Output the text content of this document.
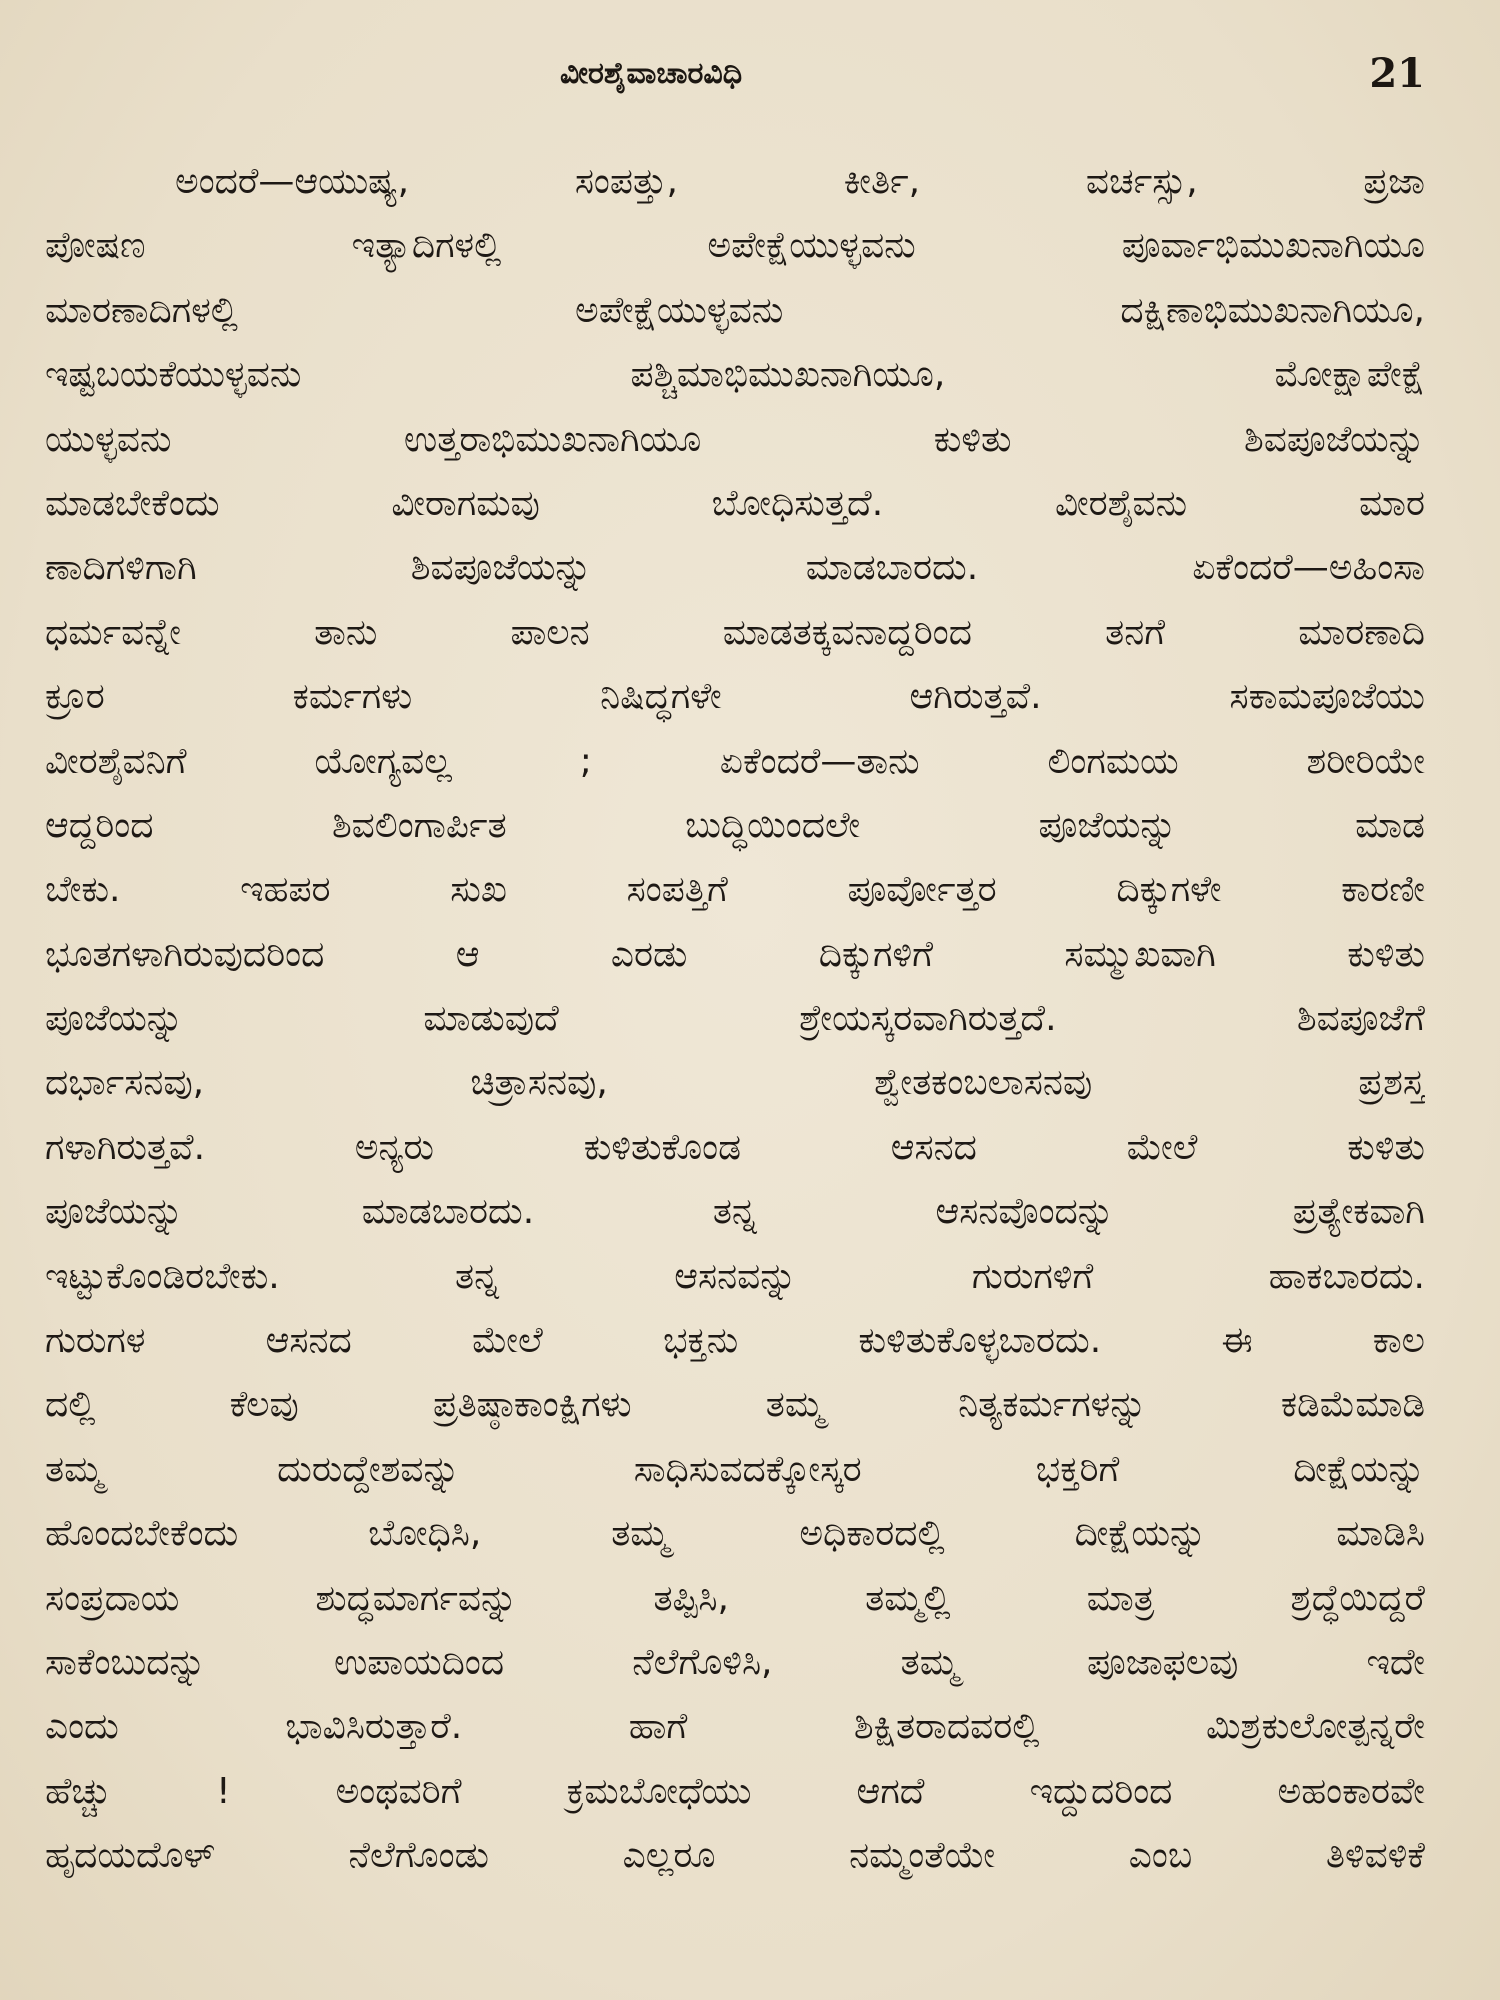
ವೀರಶೈವಾಚಾರವಿಧಿ	21
ಅಂದರೆ—ಆಯುಷ್ಯ, ಸಂಪತ್ತು, ಕೀರ್ತಿ, ವರ್ಚಸ್ಸು, ಪ್ರಜಾ
ಪೋಷಣ ಇತ್ಯಾದಿಗಳಲ್ಲಿ ಅಪೇಕ್ಷೆಯುಳ್ಳವನು ಪೂರ್ವಾಭಿಮುಖನಾಗಿಯೂ
ಮಾರಣಾದಿಗಳಲ್ಲಿ ಅಪೇಕ್ಷೆಯುಳ್ಳವನು ದಕ್ಷಿಣಾಭಿಮುಖನಾಗಿಯೂ,
ಇಷ್ಟಬಯಕೆಯುಳ್ಳವನು ಪಶ್ಚಿಮಾಭಿಮುಖನಾಗಿಯೂ, ಮೋಕ್ಷಾಪೇಕ್ಷೆ
ಯುಳ್ಳವನು ಉತ್ತರಾಭಿಮುಖನಾಗಿಯೂ ಕುಳಿತು ಶಿವಪೂಜೆಯನ್ನು
ಮಾಡಬೇಕೆಂದು ವೀರಾಗಮವು ಬೋಧಿಸುತ್ತದೆ. ವೀರಶೈವನು ಮಾರ
ಣಾದಿಗಳಿಗಾಗಿ ಶಿವಪೂಜೆಯನ್ನು ಮಾಡಬಾರದು. ಏಕೆಂದರೆ—ಅಹಿಂಸಾ
ಧರ್ಮವನ್ನೇ ತಾನು ಪಾಲನ ಮಾಡತಕ್ಕವನಾದ್ದರಿಂದ ತನಗೆ ಮಾರಣಾದಿ
ಕ್ರೂರ ಕರ್ಮಗಳು ನಿಷಿದ್ಧಗಳೇ ಆಗಿರುತ್ತವೆ. ಸಕಾಮಪೂಜೆಯು
ವೀರಶೈವನಿಗೆ ಯೋಗ್ಯವಲ್ಲ ; ಏಕೆಂದರೆ—ತಾನು ಲಿಂಗಮಯ ಶರೀರಿಯೇ
ಆದ್ದರಿಂದ ಶಿವಲಿಂಗಾರ್ಪಿತ ಬುದ್ಧಿಯಿಂದಲೇ ಪೂಜೆಯನ್ನು ಮಾಡ
ಬೇಕು. ಇಹಪರ ಸುಖ ಸಂಪತ್ತಿಗೆ ಪೂರ್ವೋತ್ತರ ದಿಕ್ಕುಗಳೇ ಕಾರಣೀ
ಭೂತಗಳಾಗಿರುವುದರಿಂದ ಆ ಎರಡು ದಿಕ್ಕುಗಳಿಗೆ ಸಮ್ಮುಖವಾಗಿ ಕುಳಿತು
ಪೂಜೆಯನ್ನು ಮಾಡುವುದೆ ಶ್ರೇಯಸ್ಕರವಾಗಿರುತ್ತದೆ. ಶಿವಪೂಜೆಗೆ
ದರ್ಭಾಸನವು, ಚಿತ್ರಾಸನವು, ಶ್ವೇತಕಂಬಲಾಸನವು ಪ್ರಶಸ್ತ
ಗಳಾಗಿರುತ್ತವೆ. ಅನ್ಯರು ಕುಳಿತುಕೊಂಡ ಆಸನದ ಮೇಲೆ ಕುಳಿತು
ಪೂಜೆಯನ್ನು ಮಾಡಬಾರದು. ತನ್ನ ಆಸನವೊಂದನ್ನು ಪ್ರತ್ಯೇಕವಾಗಿ
ಇಟ್ಟುಕೊಂಡಿರಬೇಕು. ತನ್ನ ಆಸನವನ್ನು ಗುರುಗಳಿಗೆ ಹಾಕಬಾರದು.
ಗುರುಗಳ ಆಸನದ ಮೇಲೆ ಭಕ್ತನು ಕುಳಿತುಕೊಳ್ಳಬಾರದು. ಈ ಕಾಲ
ದಲ್ಲಿ ಕೆಲವು ಪ್ರತಿಷ್ಠಾಕಾಂಕ್ಷಿಗಳು ತಮ್ಮ ನಿತ್ಯಕರ್ಮಗಳನ್ನು ಕಡಿಮೆಮಾಡಿ
ತಮ್ಮ ದುರುದ್ದೇಶವನ್ನು ಸಾಧಿಸುವದಕ್ಕೋಸ್ಕರ ಭಕ್ತರಿಗೆ ದೀಕ್ಷೆಯನ್ನು
ಹೊಂದಬೇಕೆಂದು ಬೋಧಿಸಿ, ತಮ್ಮ ಅಧಿಕಾರದಲ್ಲಿ ದೀಕ್ಷೆಯನ್ನು ಮಾಡಿಸಿ
ಸಂಪ್ರದಾಯ ಶುದ್ಧಮಾರ್ಗವನ್ನು ತಪ್ಪಿಸಿ, ತಮ್ಮಲ್ಲಿ ಮಾತ್ರ ಶ್ರದ್ಧೆಯಿದ್ದರೆ
ಸಾಕೆಂಬುದನ್ನು ಉಪಾಯದಿಂದ ನೆಲೆಗೊಳಿಸಿ, ತಮ್ಮ ಪೂಜಾಫಲವು ಇದೇ
ಎಂದು ಭಾವಿಸಿರುತ್ತಾರೆ. ಹಾಗೆ ಶಿಕ್ಷಿತರಾದವರಲ್ಲಿ ಮಿಶ್ರಕುಲೋತ್ಪನ್ನರೇ
ಹೆಚ್ಚು ! ಅಂಥವರಿಗೆ ಕ್ರಮಬೋಧೆಯು ಆಗದೆ ಇದ್ದುದರಿಂದ ಅಹಂಕಾರವೇ
ಹೃದಯದೊಳ್ ನೆಲೆಗೊಂಡು ಎಲ್ಲರೂ ನಮ್ಮಂತೆಯೇ ಎಂಬ ತಿಳಿವಳಿಕೆ
